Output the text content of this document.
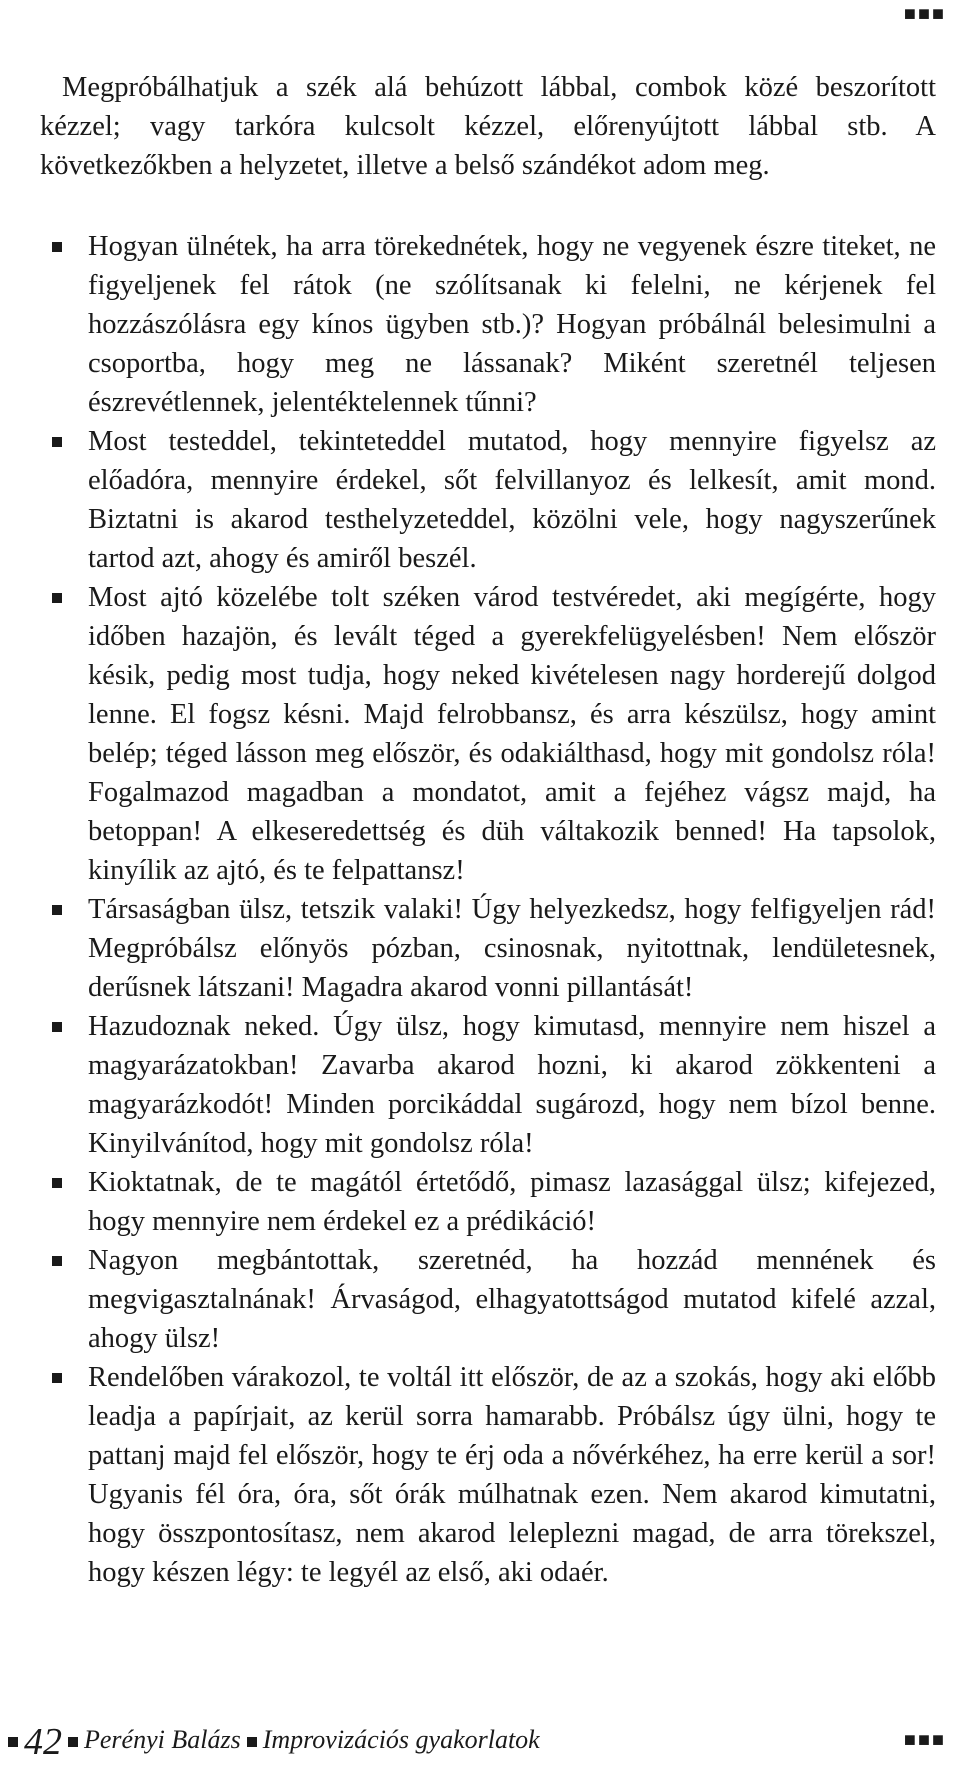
■■■

Megpróbálhatjuk a szék alá behúzott lábbal, combok közé beszorított kézzel; vagy tarkóra kulcsolt kézzel, előrenyújtott lábbal stb. A következőkben a helyzetet, illetve a belső szándékot adom meg.

Hogyan ülnétek, ha arra törekednétek, hogy ne vegyenek észre titeket, ne figyeljenek fel rátok (ne szólítsanak ki felelni, ne kérjenek fel hozzászólásra egy kínos ügyben stb.)? Hogyan próbálnál belesimulni a csoportba, hogy meg ne lássanak? Miként szeretnél teljesen észrevétlennek, jelentéktelennek tűnni?
Most testeddel, tekinteteddel mutatod, hogy mennyire figyelsz az előadóra, mennyire érdekel, sőt felvillanyoz és lelkesít, amit mond. Biztatni is akarod testhelyzeteddel, közölni vele, hogy nagyszerűnek tartod azt, ahogy és amiről beszél.
Most ajtó közelébe tolt széken várod testvéredet, aki megígérte, hogy időben hazajön, és levált téged a gyerekfelügyelésben! Nem először késik, pedig most tudja, hogy neked kivételesen nagy horderejű dolgod lenne. El fogsz késni. Majd felrobbansz, és arra készülsz, hogy amint belép; téged lásson meg először, és odakiálthasd, hogy mit gondolsz róla! Fogalmazod magadban a mondatot, amit a fejéhez vágsz majd, ha betoppan! A elkeseredettség és düh váltakozik benned! Ha tapsolok, kinyílik az ajtó, és te felpattansz!
Társaságban ülsz, tetszik valaki! Úgy helyezkedsz, hogy felfigyeljen rád! Megpróbálsz előnyös pózban, csinosnak, nyitottnak, lendületesnek, derűsnek látszani! Magadra akarod vonni pillantását!
Hazudoznak neked. Úgy ülsz, hogy kimutasd, mennyire nem hiszel a magyarázatokban! Zavarba akarod hozni, ki akarod zökkenteni a magyarázkodót! Minden porcikáddal sugározd, hogy nem bízol benne. Kinyilvánítod, hogy mit gondolsz róla!
Kioktatnak, de te magától értetődő, pimasz lazasággal ülsz; kifejezed, hogy mennyire nem érdekel ez a prédikáció!
Nagyon megbántottak, szeretnéd, ha hozzád mennének és megvigasztalnának! Árvaságod, elhagyatottságod mutatod kifelé azzal, ahogy ülsz!
Rendelőben várakozol, te voltál itt először, de az a szokás, hogy aki előbb leadja a papírjait, az kerül sorra hamarabb. Próbálsz úgy ülni, hogy te pattanj majd fel először, hogy te érj oda a nővérkéhez, ha erre kerül a sor! Ugyanis fél óra, óra, sőt órák múlhatnak ezen. Nem akarod kimutatni, hogy összpontosítasz, nem akarod leleplezni magad, de arra törekszel, hogy készen légy: te legyél az első, aki odaér.
42 Perényi Balázs Improvizációs gyakorlatok	■■■
